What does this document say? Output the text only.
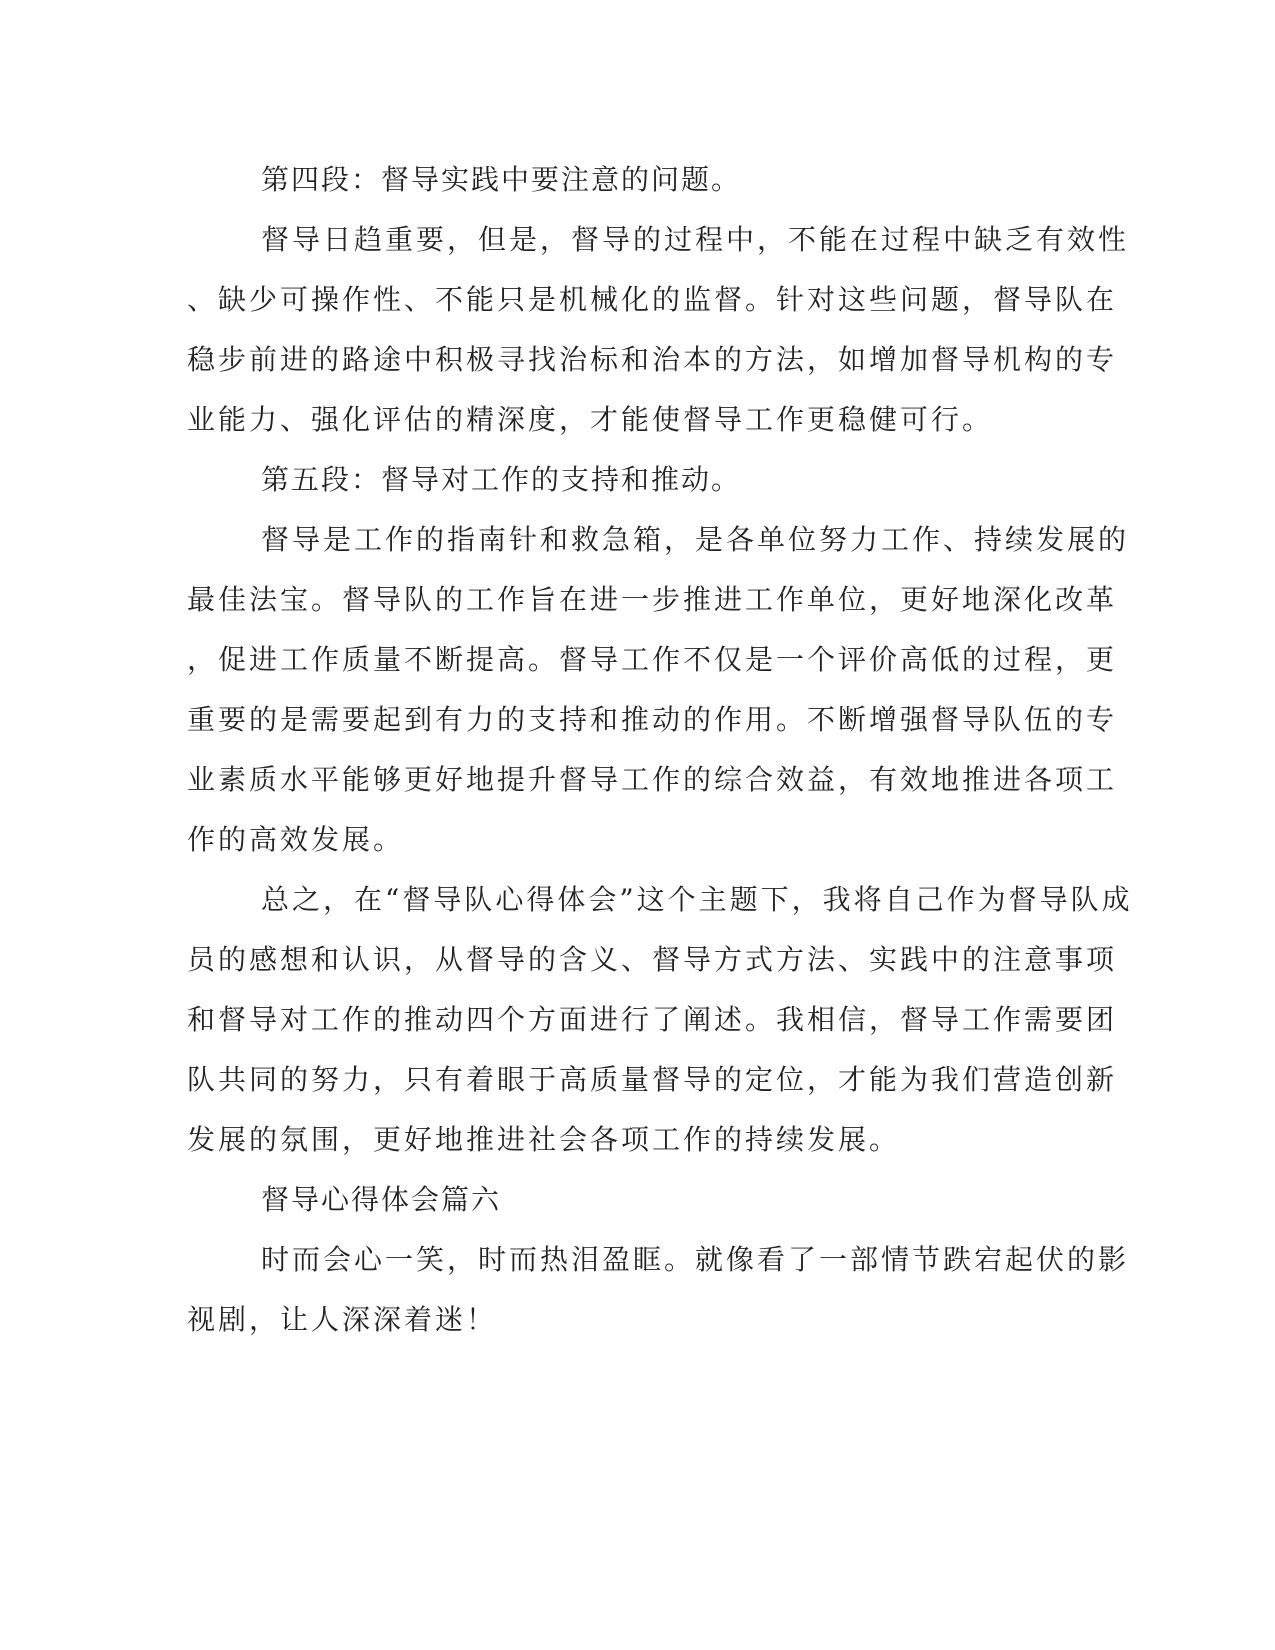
第四段：督导实践中要注意的问题。
督导日趋重要，但是，督导的过程中，不能在过程中缺乏有效性
、缺少可操作性、不能只是机械化的监督。针对这些问题，督导队在
稳步前进的路途中积极寻找治标和治本的方法，如增加督导机构的专
业能力、强化评估的精深度，才能使督导工作更稳健可行。
第五段：督导对工作的支持和推动。
督导是工作的指南针和救急箱，是各单位努力工作、持续发展的
最佳法宝。督导队的工作旨在进一步推进工作单位，更好地深化改革
，促进工作质量不断提高。督导工作不仅是一个评价高低的过程，更
重要的是需要起到有力的支持和推动的作用。不断增强督导队伍的专
业素质水平能够更好地提升督导工作的综合效益，有效地推进各项工
作的高效发展。
总之，在“督导队心得体会”这个主题下，我将自己作为督导队成
员的感想和认识，从督导的含义、督导方式方法、实践中的注意事项
和督导对工作的推动四个方面进行了阐述。我相信，督导工作需要团
队共同的努力，只有着眼于高质量督导的定位，才能为我们营造创新
发展的氛围，更好地推进社会各项工作的持续发展。
督导心得体会篇六
时而会心一笑，时而热泪盈眶。就像看了一部情节跌宕起伏的影
视剧，让人深深着迷！
